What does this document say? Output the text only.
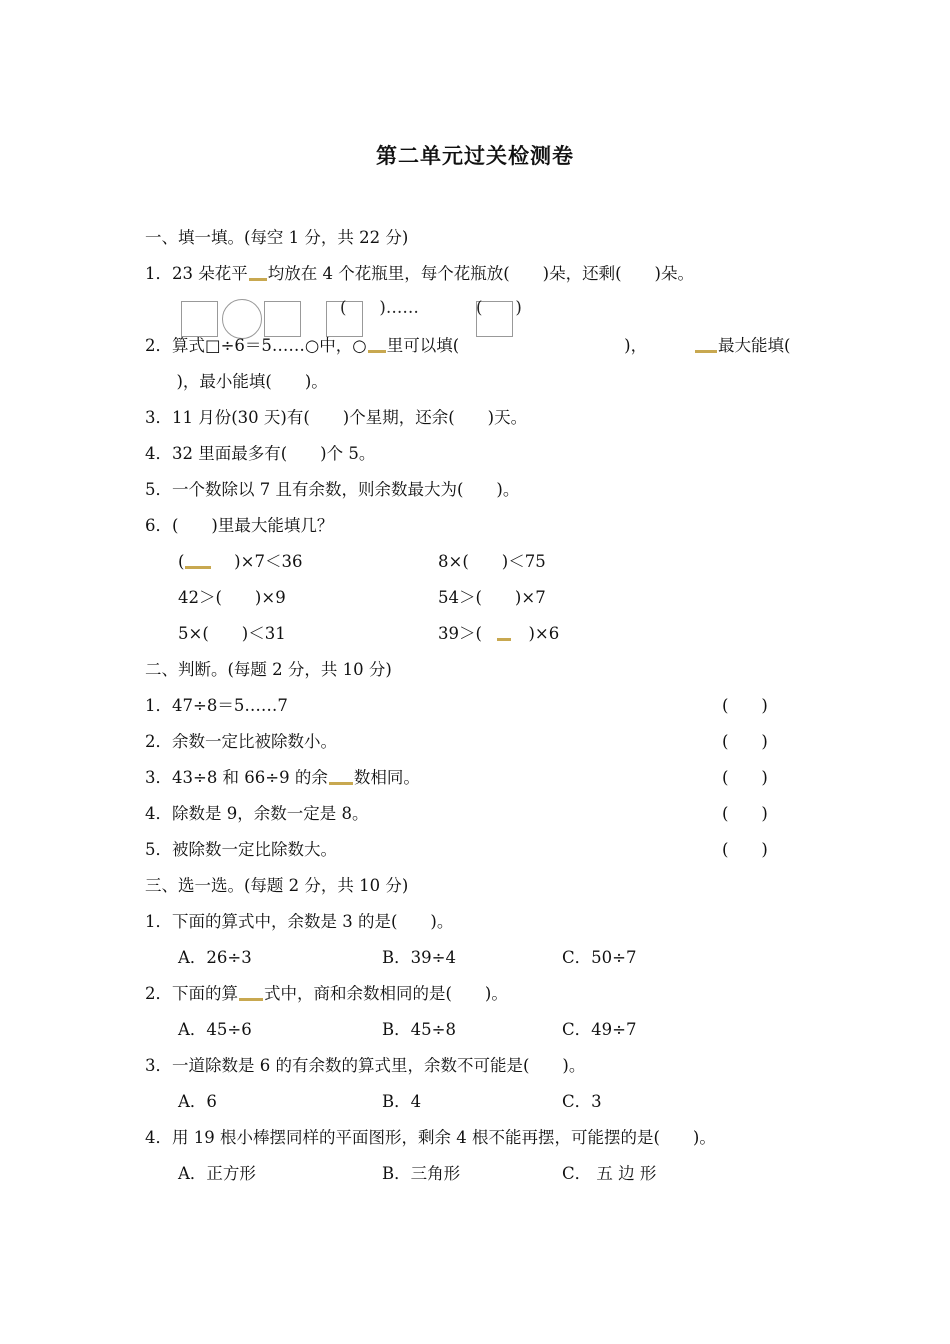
第二单元过关检测卷
一、填一填。(每空 1 分，共 22 分)
1．23 朵花平 均放在 4 个花瓶里，每个花瓶放(　　)朵，还剩(　　)朵。
(　　)……	(　　)
2．算式□÷6＝5……○中，○ 里可以填(　　　　　　　　　　)，	最大能填(
　)，最小能填(　　)。
3．11 月份(30 天)有(　　)个星期，还余(　　)天。
4．32 里面最多有(　　)个 5。
5．一个数除以 7 且有余数，则余数最大为(　　)。
6．(　　)里最大能填几？
(　 )×7＜36	8×(　　)＜75
42＞(　　)×9	54＞(　　)×7
5×(　　)＜31	39＞(　)×6
二、判断。(每题 2 分，共 10 分)
1．47÷8＝5……7	(　　)
2．余数一定比被除数小。	(　　)
3．43÷8 和 66÷9 的余 数相同。	(　　)
4．除数是 9，余数一定是 8。	(　　)
5．被除数一定比除数大。	(　　)
三、选一选。(每题 2 分，共 10 分)
1．下面的算式中，余数是 3 的是(　　)。
A．26÷3	B．39÷4	C．50÷7
2．下面的算 式中，商和余数相同的是(　　)。
A．45÷6	B．45÷8	C．49÷7
3．一道除数是 6 的有余数的算式里，余数不可能是(　　)。
A．6	B．4	C．3
4．用 19 根小棒摆同样的平面图形，剩余 4 根不能再摆，可能摆的是(　　)。
A．正方形	B．三角形	C． 五 边 形
